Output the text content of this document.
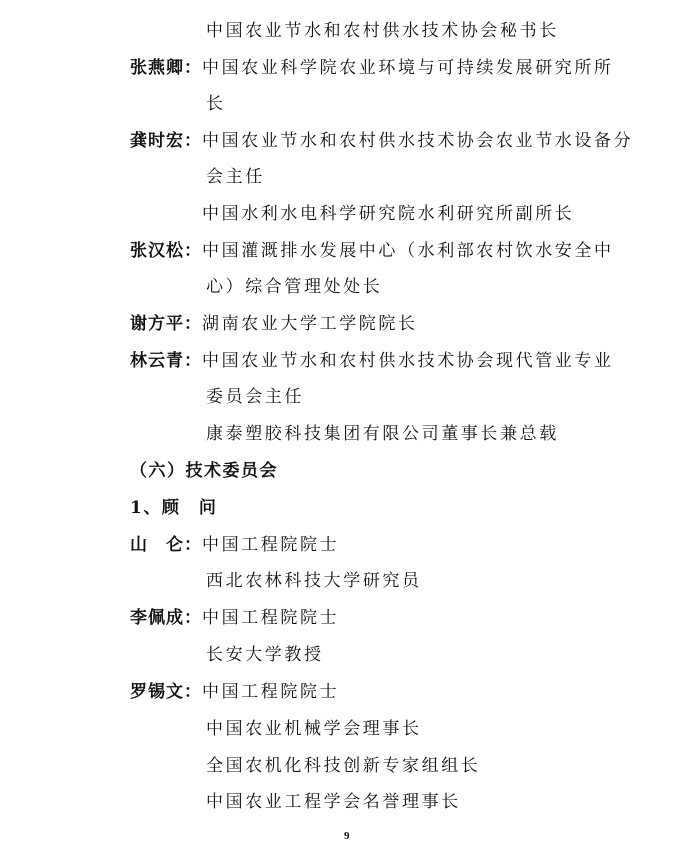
中国农业节水和农村供水技术协会秘书长
张燕卿：中国农业科学院农业环境与可持续发展研究所所
长
龚时宏：中国农业节水和农村供水技术协会农业节水设备分
会主任
中国水利水电科学研究院水利研究所副所长
张汉松：中国灌溉排水发展中心（水利部农村饮水安全中
心）综合管理处处长
谢方平：湖南农业大学工学院院长
林云青：中国农业节水和农村供水技术协会现代管业专业
委员会主任
康泰塑胶科技集团有限公司董事长兼总载
（六）技术委员会
1、顾　问
山　仑：中国工程院院士
西北农林科技大学研究员
李佩成：中国工程院院士
长安大学教授
罗锡文：中国工程院院士
中国农业机械学会理事长
全国农机化科技创新专家组组长
中国农业工程学会名誉理事长
9
